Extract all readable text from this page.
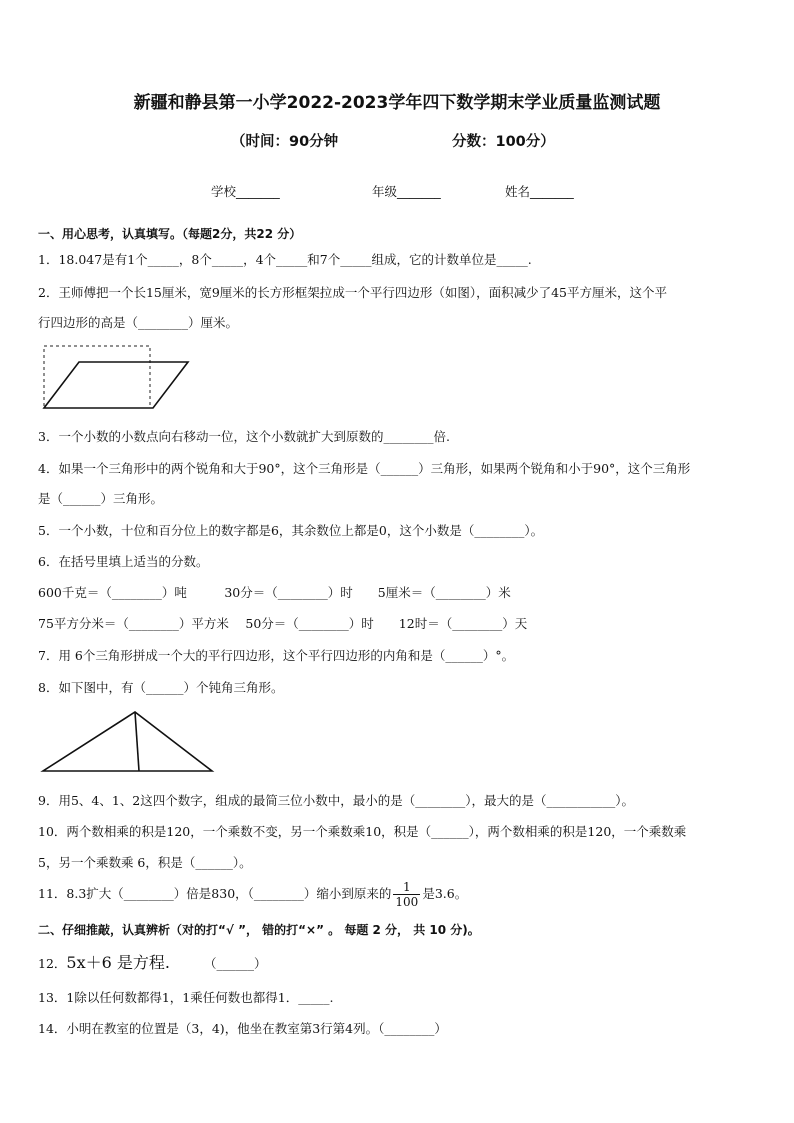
新疆和静县第一小学2022-2023学年四下数学期末学业质量监测试题
（时间：90分钟	分数：100分）
学校_______	年级_______	姓名_______
一、用心思考，认真填写。（每题2分，共22 分）
1．18.047是有1个_____，8个_____，4个_____和7个_____组成，它的计数单位是_____.
2．王师傅把一个长15厘米，宽9厘米的长方形框架拉成一个平行四边形（如图），面积减少了45平方厘米，这个平
行四边形的高是（________）厘米。
3．一个小数的小数点向右移动一位，这个小数就扩大到原数的________倍.
4．如果一个三角形中的两个锐角和大于90°，这个三角形是（______）三角形，如果两个锐角和小于90°，这个三角形
是（______）三角形。
5．一个小数，十位和百分位上的数字都是6，其余数位上都是0，这个小数是（________）。
6．在括号里填上适当的分数。
600千克＝（________）吨　　　30分＝（________）时　　5厘米＝（________）米
75平方分米＝（________）平方米　 50分＝（________）时　　12时＝（________）天
7．用 6个三角形拼成一个大的平行四边形，这个平行四边形的内角和是（______）°。
8．如下图中，有（______）个钝角三角形。
9．用5、4、1、2这四个数字，组成的最简三位小数中，最小的是（________），最大的是（___________）。
10．两个数相乘的积是120，一个乘数不变，另一个乘数乘10，积是（______），两个数相乘的积是120，一个乘数乘
5，另一个乘数乘 6，积是（______）。
11．8.3扩大（________）倍是830，（________）缩小到原来的 $\frac{1}{100}$ 是3.6。
二、仔细推敲，认真辨析（对的打“√ ”， 错的打“×” 。 每题 2 分， 共 10 分)。
12．5x＋6 是方程.	（______）
13．1除以任何数都得1，1乘任何数也都得1．_____.
14．小明在教室的位置是（3，4)，他坐在教室第3行第4列。（________）
